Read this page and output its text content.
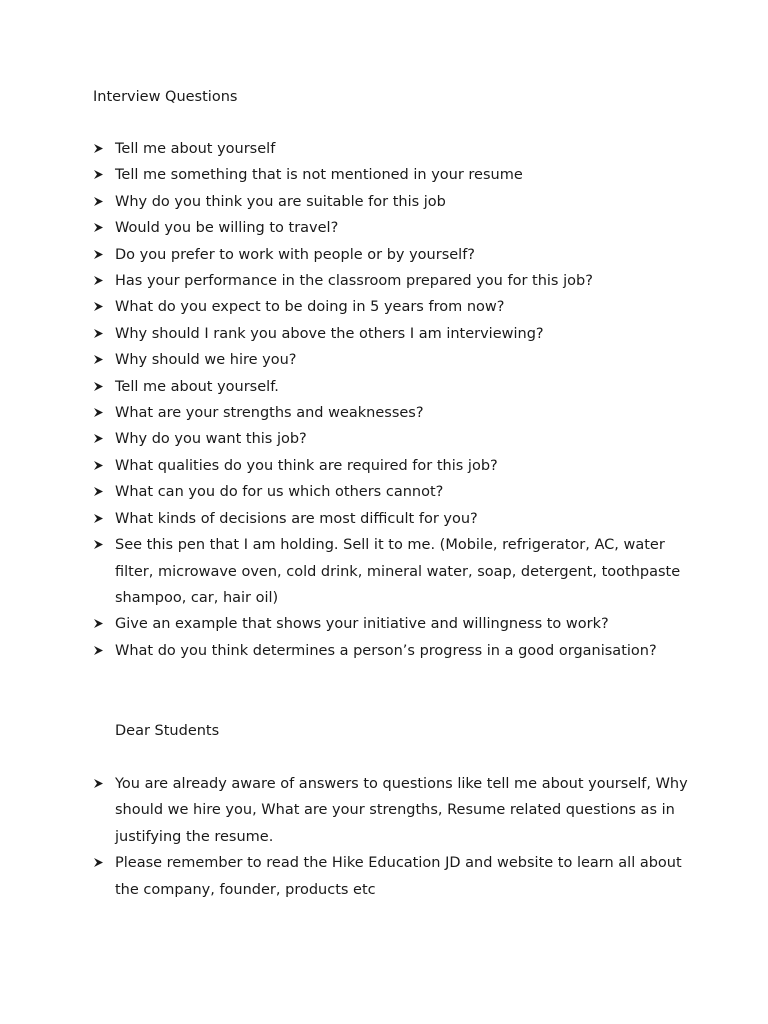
Interview Questions
Tell me about yourself
Tell me something that is not mentioned in your resume
Why do you think you are suitable for this job
Would you be willing to travel?
Do you prefer to work with people or by yourself?
Has your performance in the classroom prepared you for this job?
What do you expect to be doing in 5 years from now?
Why should I rank you above the others I am interviewing?
Why should we hire you?
Tell me about yourself.
What are your strengths and weaknesses?
Why do you want this job?
What qualities do you think are required for this job?
What can you do for us which others cannot?
What kinds of decisions are most difficult for you?
See this pen that I am holding. Sell it to me. (Mobile, refrigerator, AC, water filter, microwave oven, cold drink, mineral water, soap, detergent, toothpaste shampoo, car, hair oil)
Give an example that shows your initiative and willingness to work?
What do you think determines a person’s progress in a good organisation?

Dear Students

You are already aware of answers to questions like tell me about yourself, Why should we hire you, What are your strengths, Resume related questions as in justifying the resume.
Please remember to read the Hike Education JD and website to learn all about the company, founder, products etc
